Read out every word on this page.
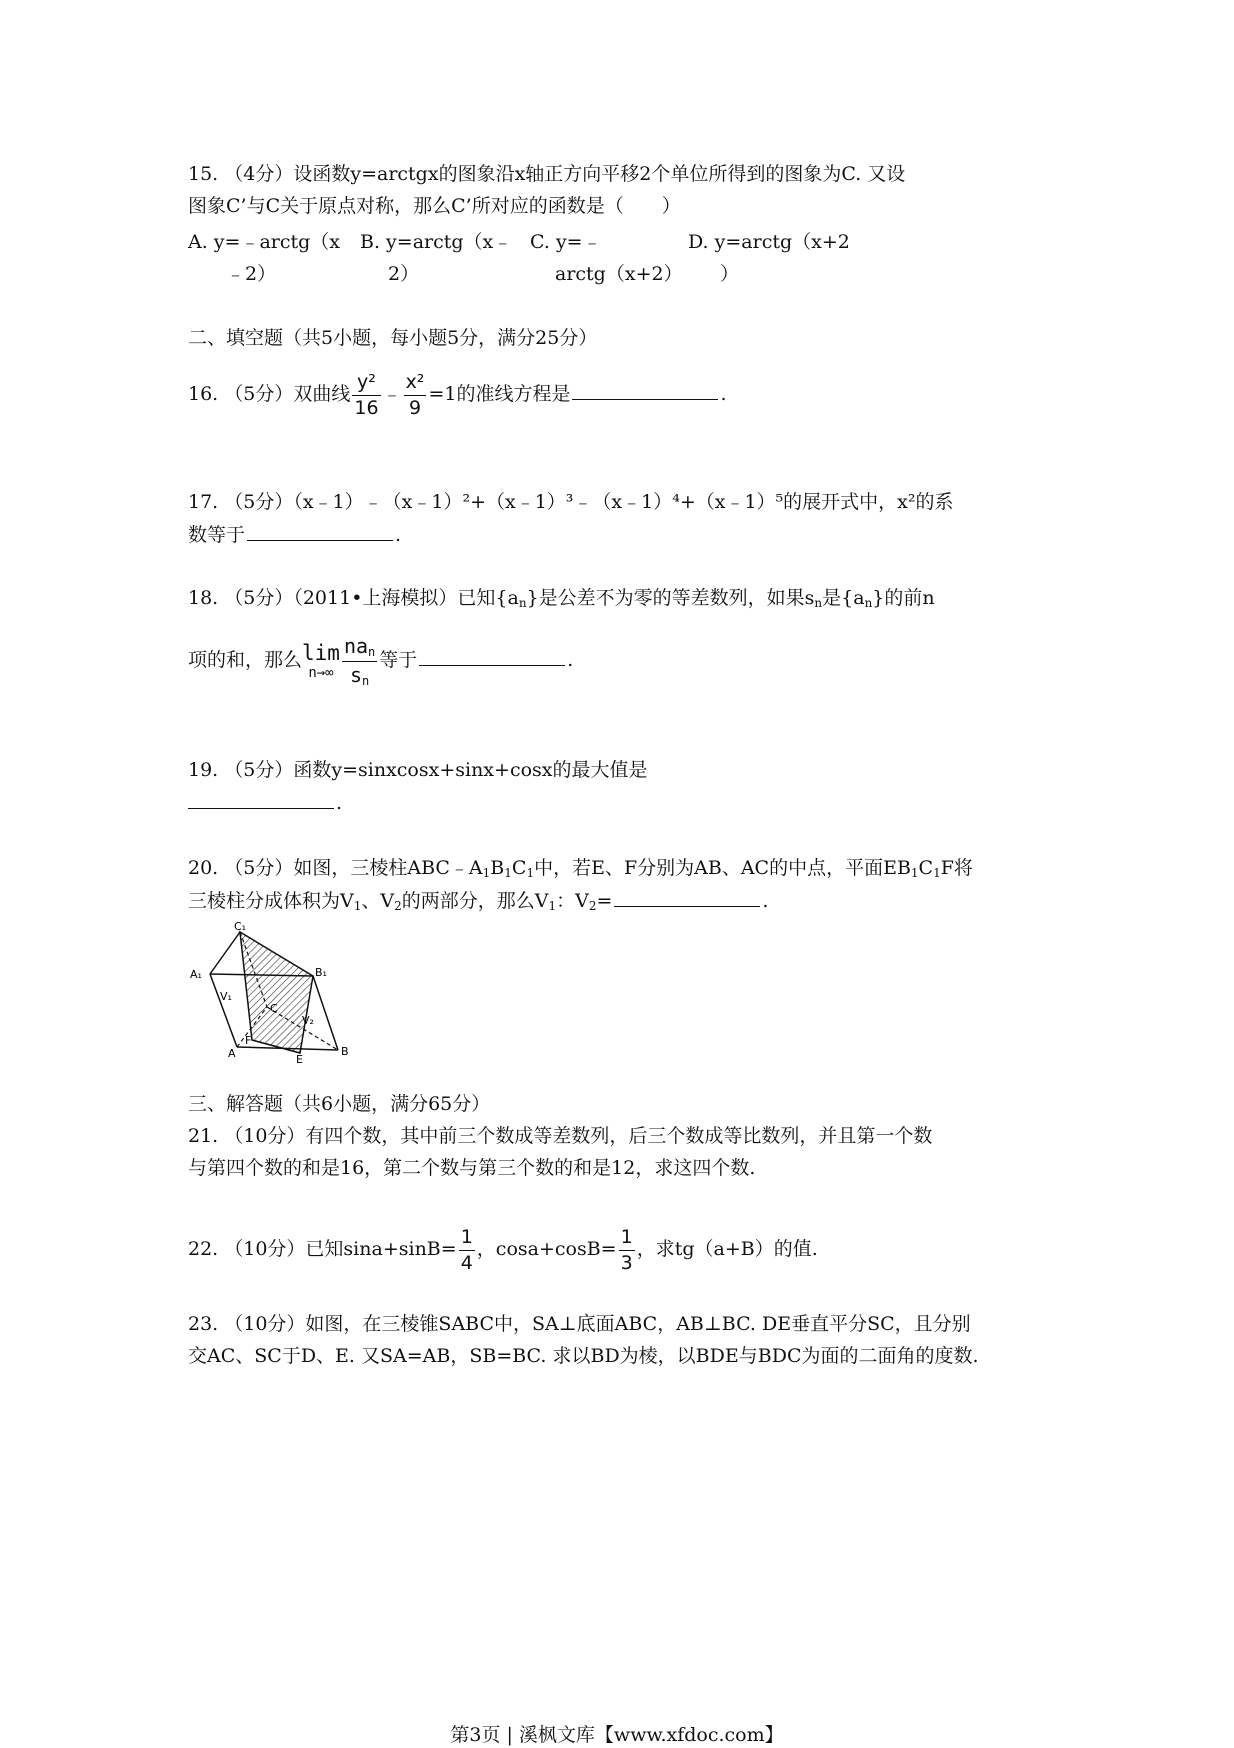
15. （4分）设函数y=arctgx的图象沿x轴正方向平移2个单位所得到的图象为C. 又设
图象C’与C关于原点对称，那么C’所对应的函数是（　　）
A. y=﹣arctg（x
﹣2）
B. y=arctg（x﹣
2）
C. y=﹣
arctg（x+2）
D. y=arctg（x+2
）
二、填空题（共5小题，每小题5分，满分25分）
16. （5分）双曲线 $\frac{\text{y²}}{16}$ ﹣ $\frac{\text{x²}}{9} =1$的准线方程是	.
17. （5分）（x﹣1）﹣（x﹣1）²+（x﹣1）³﹣（x﹣1）⁴+（x﹣1）⁵的展开式中，x²的系
数等于	.
18. （5分）（2011•上海模拟）已知$\{a_n\}$是公差不为零的等差数列，如果$s_n$是$\{a_n\}$的前n
项的和，那么 lim
$n\to\infty \frac{na_n}{s_n}$ 等于	.
19. （5分）函数y=sinxcosx+sinx+cosx的最大值是
.
20. （5分）如图，三棱柱$ABC﹣A_1B_1C_1$中，若E、F分别为AB、AC的中点，平面$EB_1C_1F$将
三棱柱分成体积为$V_1$、$V_2$的两部分，那么$V_1$：$V_2=$	.
C₁
A₁	B₁
V₁
V₂
C
F
A	E
B
三、解答题（共6小题，满分65分）
21. （10分）有四个数，其中前三个数成等差数列，后三个数成等比数列，并且第一个数
与第四个数的和是16，第二个数与第三个数的和是12，求这四个数.
22. （10分）已知$\sin a+\sin B= \frac{1}{4}$ ，$\cos a+\cos B= \frac{1}{3}$ ，求tg（a+B）的值.
23. （10分）如图，在三棱锥SABC中，SA⊥底面ABC，AB⊥BC. DE垂直平分SC，且分别
交AC、SC于D、E. 又SA=AB，SB=BC. 求以BD为棱，以BDE与BDC为面的二面角的度数.
第3页 | 溪枫文库【www.xfdoc.com】
